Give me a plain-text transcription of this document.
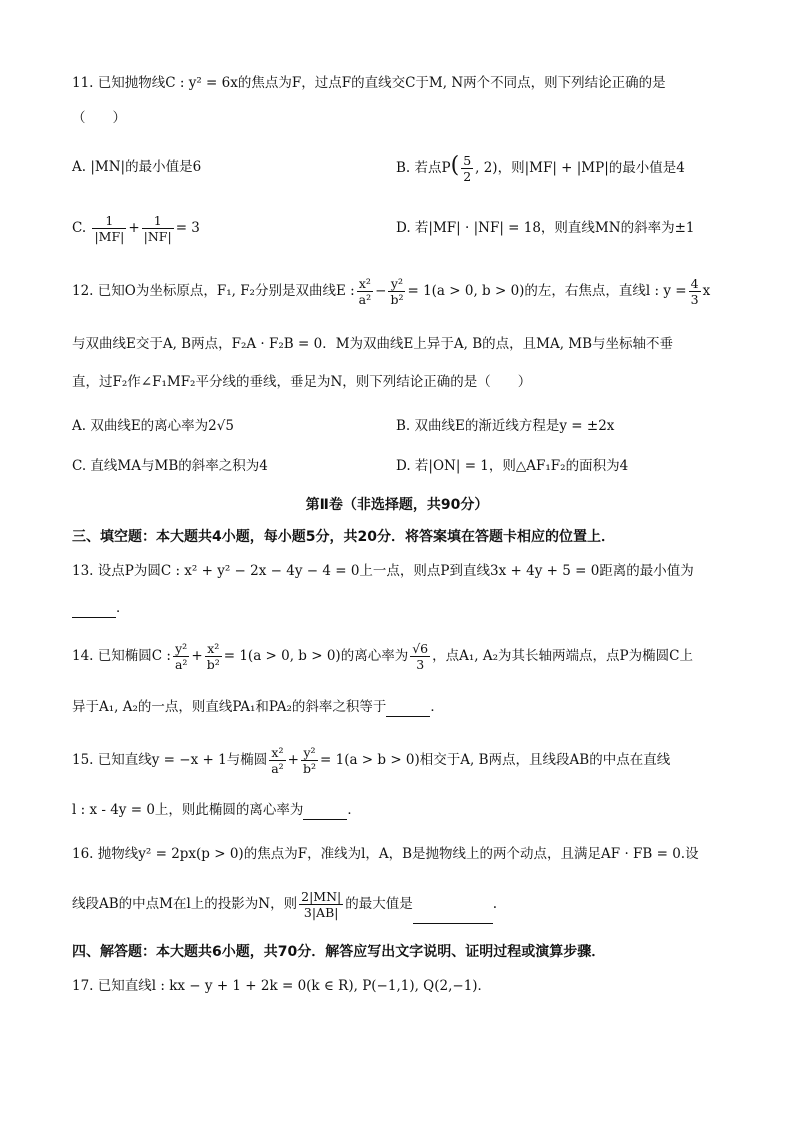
11. 已知抛物线C : y² = 6x的焦点为F，过点F的直线交C于M, N两个不同点，则下列结论正确的是
（　　）
A. |MN|的最小值是6	B. 若点$P( \frac{5}{2}$ , 2)，则|MF| + |MP|的最小值是4
C. $\frac{1}{|MF|} + \frac{1}{|NF|} = 3$	D. 若|MF| · |NF| = 18，则直线MN的斜率为±1
12. 已知O为坐标原点，F₁, F₂分别是双曲线E : $\frac{\text{x²}}{\text{a²}} - \frac{\text{y²}}{\text{b²}} = 1(a > 0$, b > 0)的左，右焦点，直线l : $y = \frac{4}{3}$ x
与双曲线E交于A, B两点，F₂A · F₂B = 0．M为双曲线E上异于A, B的点，且MA, MB与坐标轴不垂
直，过F₂作∠F₁MF₂平分线的垂线，垂足为N，则下列结论正确的是（　　）
A. 双曲线E的离心率为2√5	B. 双曲线E的渐近线方程是y = ±2x
C. 直线MA与MB的斜率之积为4	D. 若|ON| = 1，则△AF₁F₂的面积为4
第Ⅱ卷（非选择题，共90分）
三、填空题：本大题共4小题，每小题5分，共20分．将答案填在答题卡相应的位置上．
13. 设点P为圆C : x² + y² − 2x − 4y − 4 = 0上一点，则点P到直线3x + 4y + 5 = 0距离的最小值为
．
14. 已知椭圆C : $\frac{\text{y²}}{\text{a²}} + \frac{\text{x²}}{\text{b²}} = 1(a > 0$, b > 0)的离心率为 $\frac{√6}{3}$ ，点A₁, A₂为其长轴两端点，点P为椭圆C上
异于A₁, A₂的一点，则直线PA₁和PA₂的斜率之积等于	．
15. 已知直线y = −x + 1与椭圆 $\frac{\text{x²}}{\text{a²}} + \frac{\text{y²}}{\text{b²}} = 1(a > b > 0)$相交于A, B两点，且线段AB的中点在直线
l : x - 4y = 0上，则此椭圆的离心率为	．
16. 抛物线y² = 2px(p > 0)的焦点为F，准线为l，A，B是抛物线上的两个动点，且满足AF · FB = 0.设
线段AB的中点M在l上的投影为N，则 $\frac{2|MN|}{3|AB|}$ 的最大值是	.
四、解答题：本大题共6小题，共70分．解答应写出文字说明、证明过程或演算步骤．
17. 已知直线l : kx − y + 1 + 2k = 0(k ∈ R), P(−1,1), Q(2,−1)．
